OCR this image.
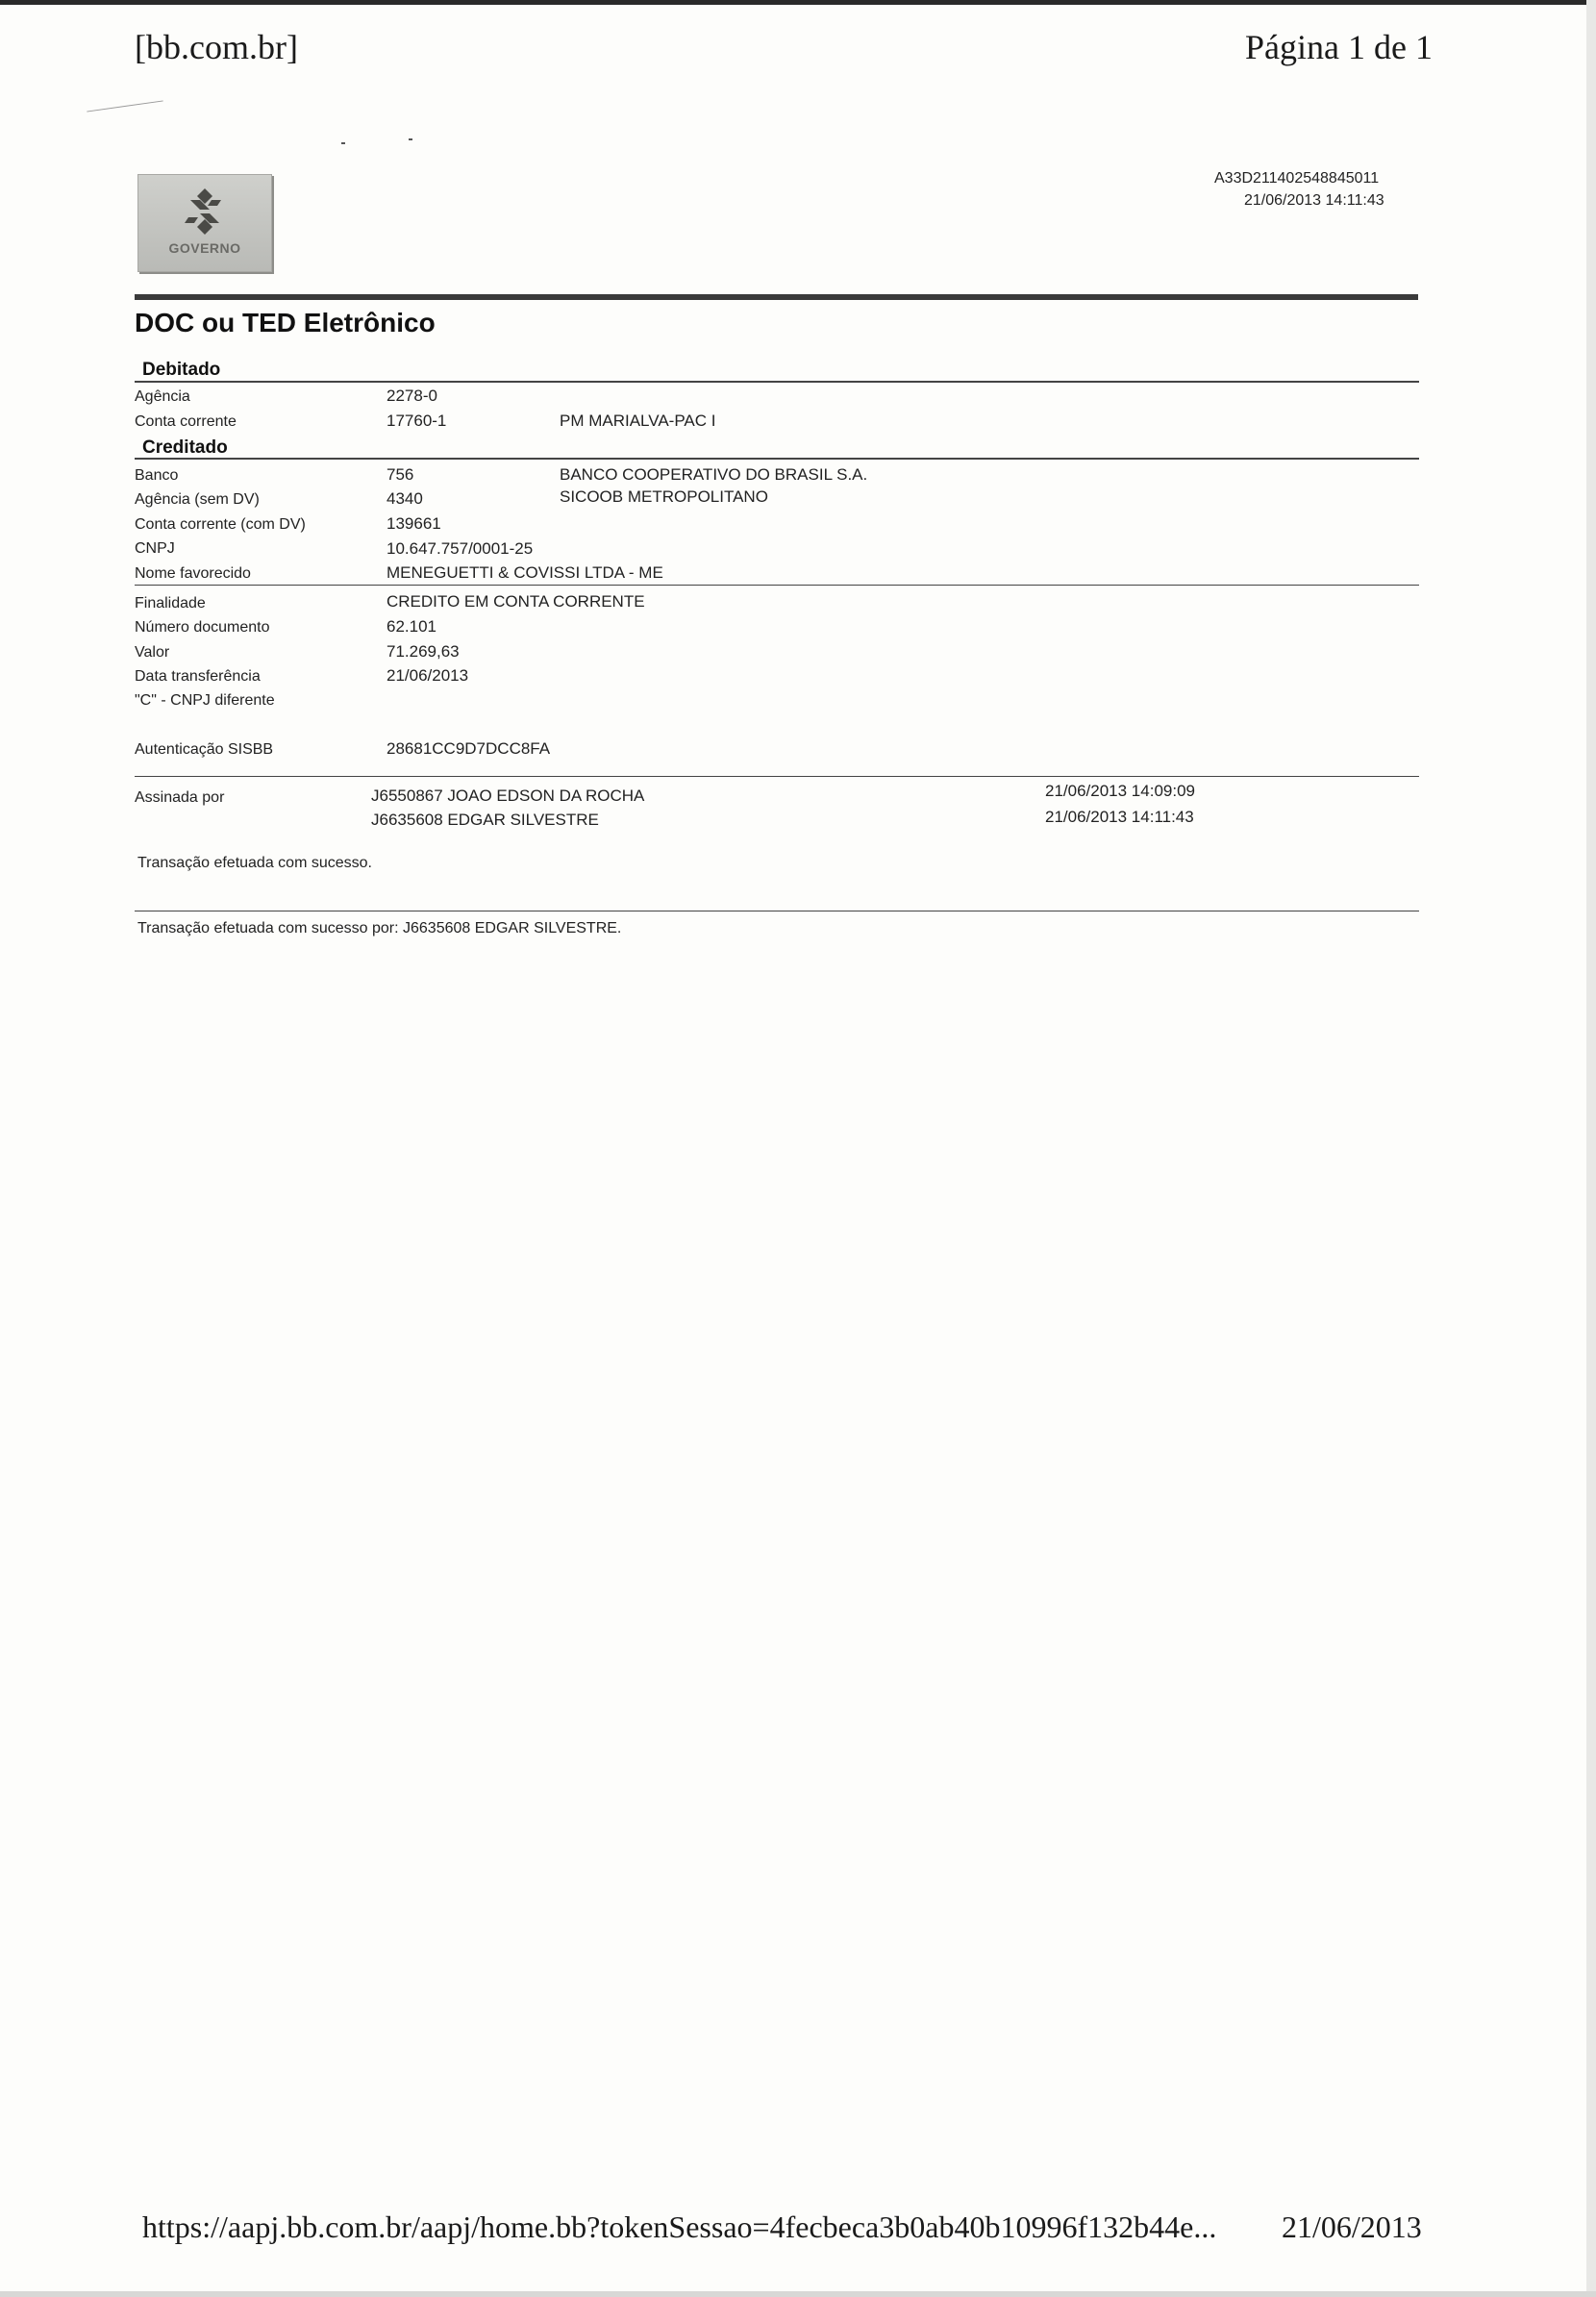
[bb.com.br]	Página 1 de 1
GOVERNO
A33D211402548845011
21/06/2013 14:11:43
DOC ou TED Eletrônico
Debitado
Agência	2278-0
Conta corrente	17760-1	PM MARIALVA-PAC I
Creditado
Banco	756	BANCO COOPERATIVO DO BRASIL S.A.
Agência (sem DV)	4340	SICOOB METROPOLITANO
Conta corrente (com DV)	139661
CNPJ	10.647.757/0001-25
Nome favorecido	MENEGUETTI & COVISSI LTDA - ME
Finalidade	CREDITO EM CONTA CORRENTE
Número documento	62.101
Valor	71.269,63
Data transferência	21/06/2013
"C" - CNPJ diferente
Autenticação SISBB	28681CC9D7DCC8FA
Assinada por	J6550867 JOAO EDSON DA ROCHA	21/06/2013 14:09:09
J6635608 EDGAR SILVESTRE	21/06/2013 14:11:43
Transação efetuada com sucesso.
Transação efetuada com sucesso por: J6635608 EDGAR SILVESTRE.
https://aapj.bb.com.br/aapj/home.bb?tokenSessao=4fecbeca3b0ab40b10996f132b44e... 21/06/2013
